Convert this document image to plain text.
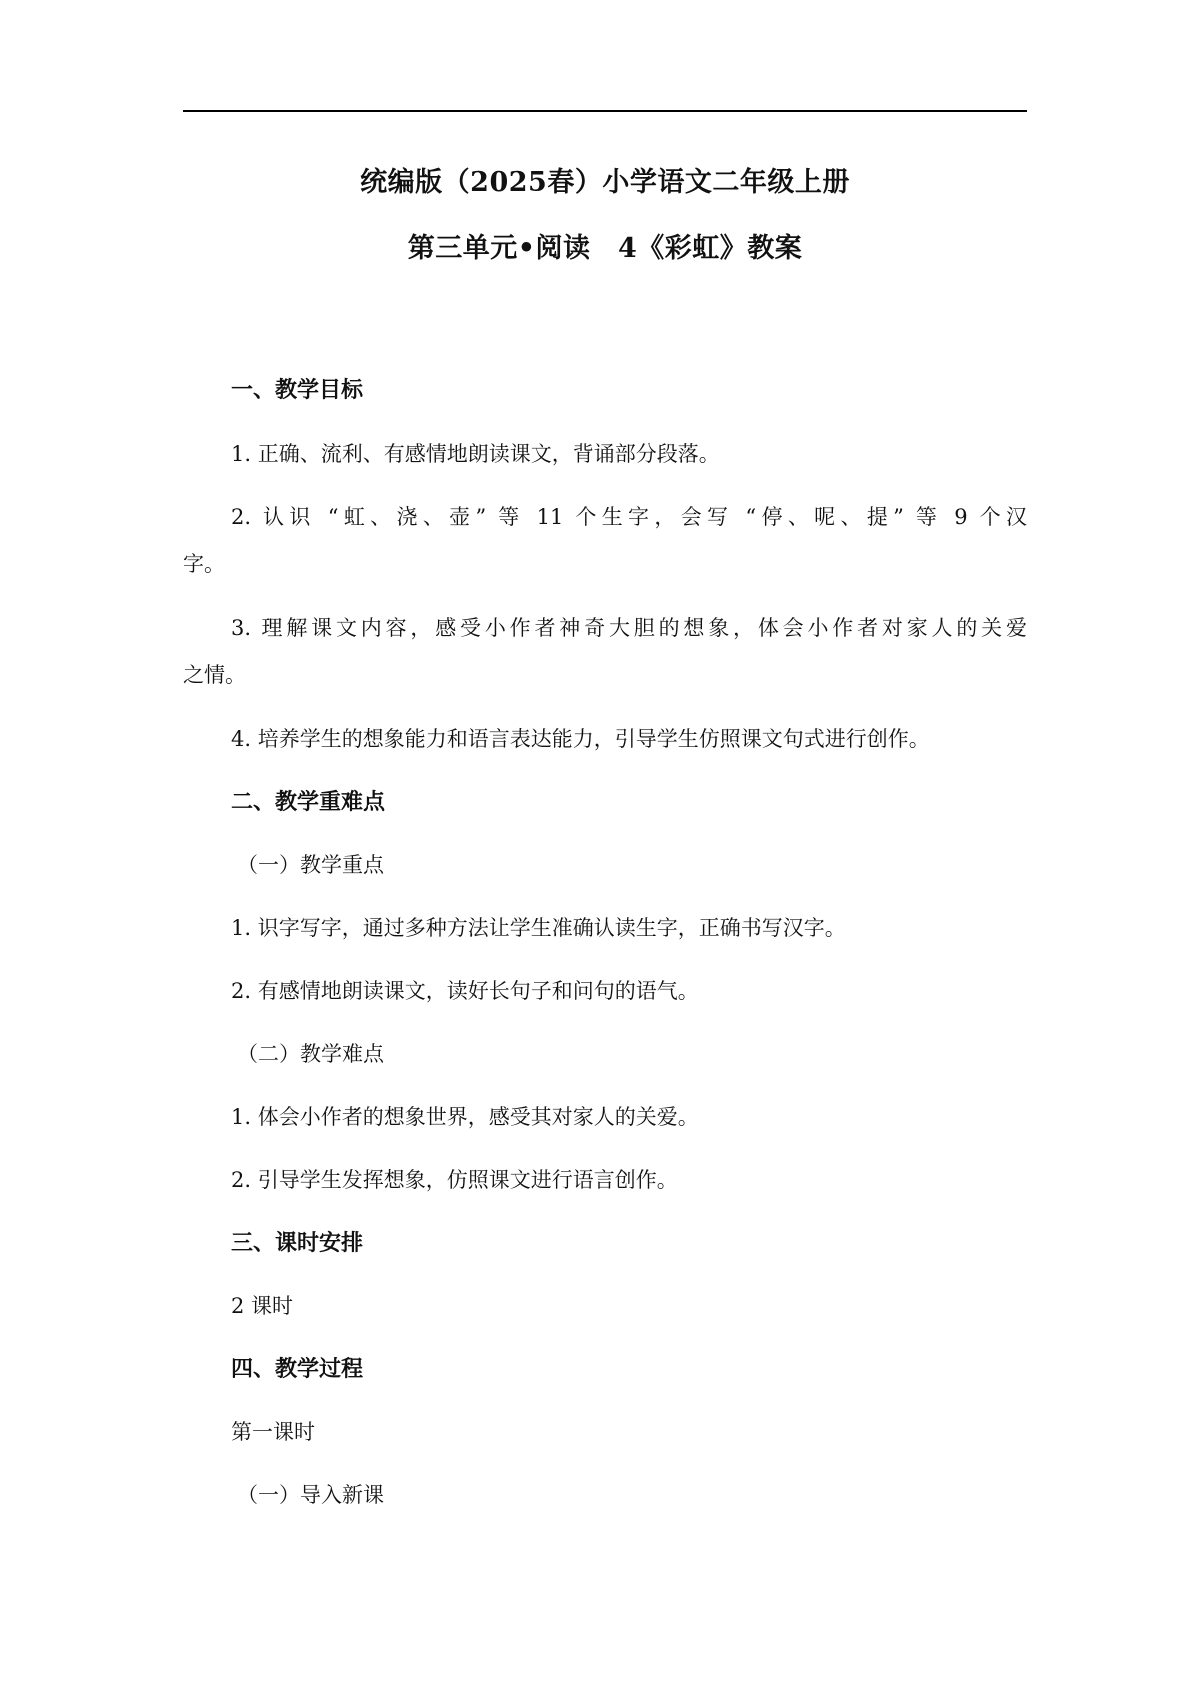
统编版（2025春）小学语文二年级上册
第三单元•阅读　4《彩虹》教案
一、教学目标
1. 正确、流利、有感情地朗读课文，背诵部分段落。
2. 认识 “虹、浇、壶” 等 11 个生字，会写 “停、呢、提” 等 9 个汉
字。
3. 理解课文内容，感受小作者神奇大胆的想象，体会小作者对家人的关爱
之情。
4. 培养学生的想象能力和语言表达能力，引导学生仿照课文句式进行创作。
二、教学重难点
（一）教学重点
1. 识字写字，通过多种方法让学生准确认读生字，正确书写汉字。
2. 有感情地朗读课文，读好长句子和问句的语气。
（二）教学难点
1. 体会小作者的想象世界，感受其对家人的关爱。
2. 引导学生发挥想象，仿照课文进行语言创作。
三、课时安排
2 课时
四、教学过程
第一课时
（一）导入新课
